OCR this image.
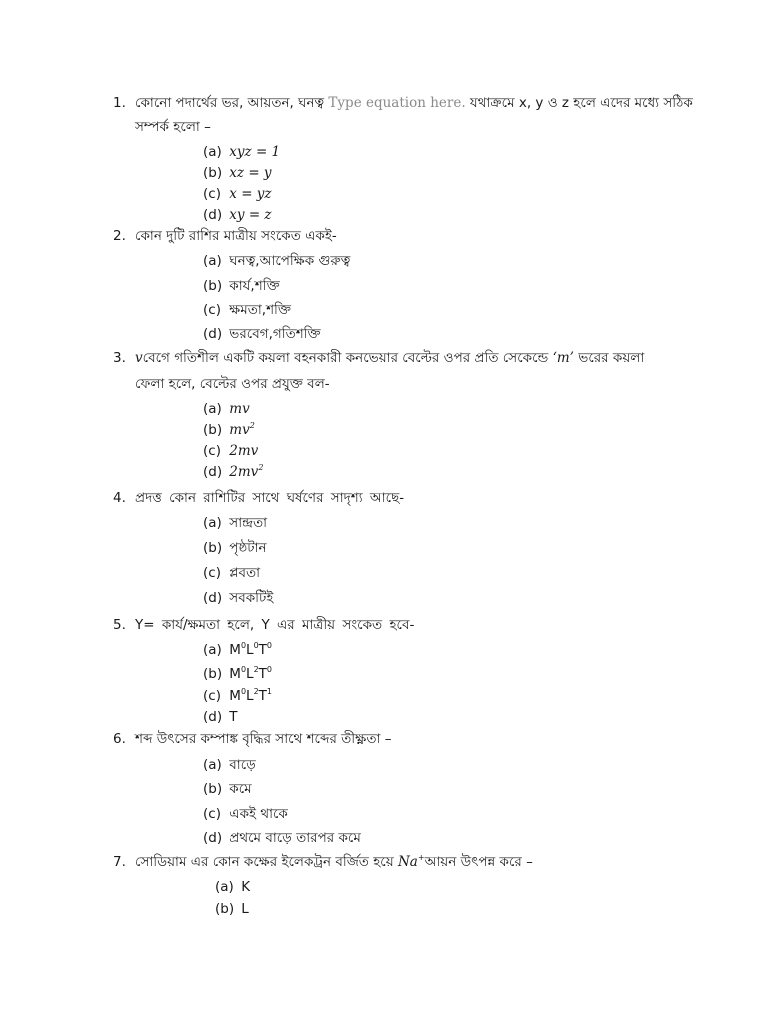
1. কোনো পদার্থের ভর, আয়তন, ঘনত্ব Type equation here. যথাক্রমে x, y ও z হলে এদের মধ্যে সঠিক
সম্পর্ক হলো –
(a) xyz = 1
(b) xz = y
(c) x = yz
(d) xy = z
2. কোন দুটি রাশির মাত্রীয় সংকেত একই-
(a) ঘনত্ব,আপেক্ষিক গুরুত্ব
(b) কার্য,শক্তি
(c) ক্ষমতা,শক্তি
(d) ভরবেগ,গতিশক্তি
3. vবেগে গতিশীল একটি কয়লা বহনকারী কনভেয়ার বেল্টের ওপর প্রতি সেকেন্ডে ‘m’ ভরের কয়লা
ফেলা হলে, বেল্টের ওপর প্রযুক্ত বল-
(a) mv
(b) $mv^2$
(c) 2mv
(d) $2mv^2$
4. প্রদত্ত কোন রাশিটির সাথে ঘর্ষণের সাদৃশ্য আছে-
(a) সান্দ্রতা
(b) পৃষ্ঠটান
(c) প্লবতা
(d) সবকটিই
5. Y= কার্য/ক্ষমতা হলে, Y এর মাত্রীয় সংকেত হবে-
(a) $M^0L^0T^0$
(b) $M^0L^2T^0$
(c) $M^0L^2T^1$
(d) T
6. শব্দ উৎসের কম্পাঙ্ক বৃদ্ধির সাথে শব্দের তীক্ষ্ণতা –
(a) বাড়ে
(b) কমে
(c) একই থাকে
(d) প্রথমে বাড়ে তারপর কমে
7. সোডিয়াম এর কোন কক্ষের ইলেকট্রন বর্জিত হয়ে Na+আয়ন উৎপন্ন করে –
(a) K
(b) L
